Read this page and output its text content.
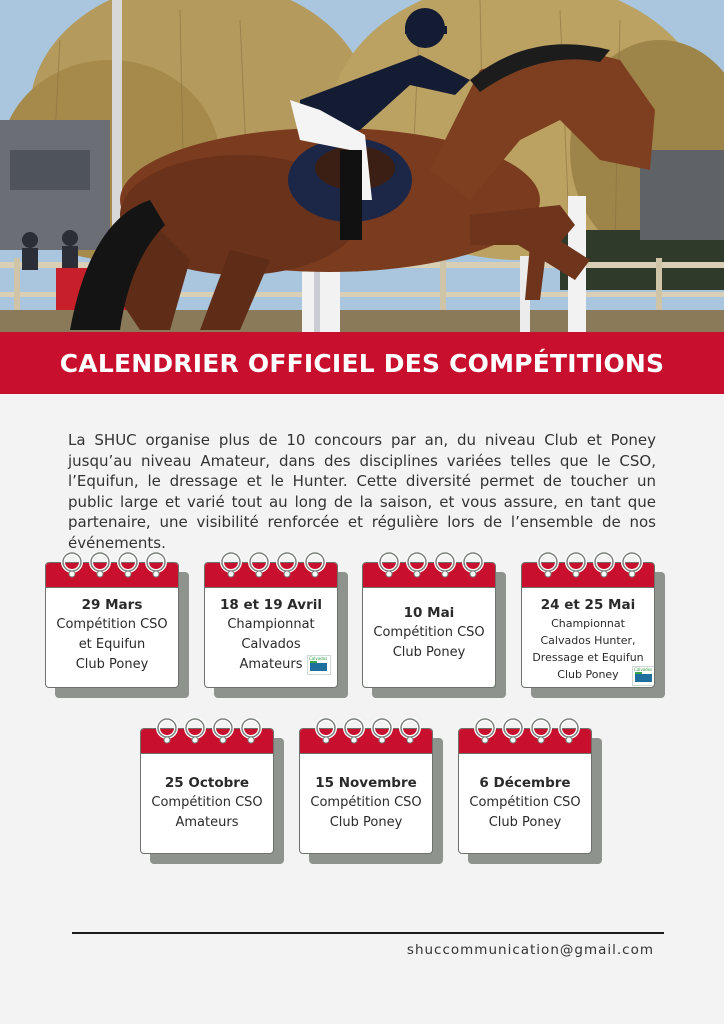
CALENDRIER OFFICIEL DES COMPÉTITIONS

La SHUC organise plus de 10 concours par an, du niveau Club et Poney jusqu’au niveau Amateur, dans des disciplines variées telles que le CSO, l’Equifun, le dressage et le Hunter. Cette diversité permet de toucher un public large et varié tout au long de la saison, et vous assure, en tant que partenaire, une visibilité renforcée et régulière lors de l’ensemble de nos événements.

29 Mars
Compétition CSO
et Equifun
Club Poney
18 et 19 Avril
Championnat
Calvados
Amateurs	Calvados
10 Mai
Compétition CSO
Club Poney
24 et 25 Mai
Championnat
Calvados Hunter,
Dressage et Equifun
Club Poney	Calvados
25 Octobre
Compétition CSO
Amateurs
15 Novembre
Compétition CSO
Club Poney
6 Décembre
Compétition CSO
Club Poney
shuccommunication@gmail.com
